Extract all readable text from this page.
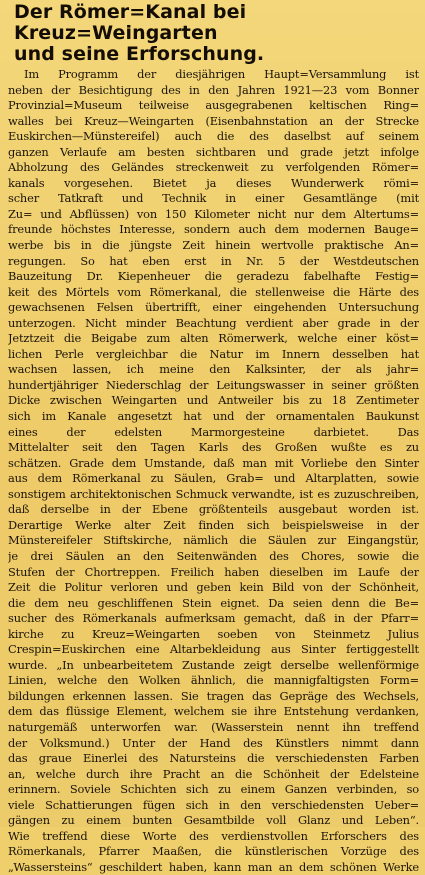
Der Römer=Kanal bei Kreuz=Weingarten
und seine Erforschung.
Im Programm der diesjährigen Haupt=Versammlung ist
neben der Besichtigung des in den Jahren 1921—23 vom Bonner
Provinzial=Museum teilweise ausgegrabenen keltischen Ring=
walles bei Kreuz—Weingarten (Eisenbahnstation an der Strecke
Euskirchen—Münstereifel) auch die des daselbst auf seinem
ganzen Verlaufe am besten sichtbaren und grade jetzt infolge
Abholzung des Geländes streckenweit zu verfolgenden Römer=
kanals vorgesehen. Bietet ja dieses Wunderwerk römi=
scher Tatkraft und Technik in einer Gesamtlänge (mit
Zu= und Abflüssen) von 150 Kilometer nicht nur dem Altertums=
freunde höchstes Interesse, sondern auch dem modernen Bauge=
werbe bis in die jüngste Zeit hinein wertvolle praktische An=
regungen. So hat eben erst in Nr. 5 der Westdeutschen
Bauzeitung Dr. Kiepenheuer die geradezu fabelhafte Festig=
keit des Mörtels vom Römerkanal, die stellenweise die Härte des
gewachsenen Felsen übertrifft, einer eingehenden Untersuchung
unterzogen. Nicht minder Beachtung verdient aber grade in der
Jetztzeit die Beigabe zum alten Römerwerk, welche einer köst=
lichen Perle vergleichbar die Natur im Innern desselben hat
wachsen lassen, ich meine den Kalksinter, der als jahr=
hundertjähriger Niederschlag der Leitungswasser in seiner größten
Dicke zwischen Weingarten und Antweiler bis zu 18 Zentimeter
sich im Kanale angesetzt hat und der ornamentalen Baukunst
eines der edelsten Marmorgesteine darbietet. Das
Mittelalter seit den Tagen Karls des Großen wußte es zu
schätzen. Grade dem Umstande, daß man mit Vorliebe den Sinter
aus dem Römerkanal zu Säulen, Grab= und Altarplatten, sowie
sonstigem architektonischen Schmuck verwandte, ist es zuzuschreiben,
daß derselbe in der Ebene größtenteils ausgebaut worden ist.
Derartige Werke alter Zeit finden sich beispielsweise in der
Münstereifeler Stiftskirche, nämlich die Säulen zur Eingangstür,
je drei Säulen an den Seitenwänden des Chores, sowie die
Stufen der Chortreppen. Freilich haben dieselben im Laufe der
Zeit die Politur verloren und geben kein Bild von der Schönheit,
die dem neu geschliffenen Stein eignet. Da seien denn die Be=
sucher des Römerkanals aufmerksam gemacht, daß in der Pfarr=
kirche zu Kreuz=Weingarten soeben von Steinmetz Julius
Crespin=Euskirchen eine Altarbekleidung aus Sinter fertiggestellt
wurde. „In unbearbeitetem Zustande zeigt derselbe wellenförmige
Linien, welche den Wolken ähnlich, die mannigfaltigsten Form=
bildungen erkennen lassen. Sie tragen das Gepräge des Wechsels,
dem das flüssige Element, welchem sie ihre Entstehung verdanken,
naturgemäß unterworfen war. (Wasserstein nennt ihn treffend
der Volksmund.) Unter der Hand des Künstlers nimmt dann
das graue Einerlei des Natursteins die verschiedensten Farben
an, welche durch ihre Pracht an die Schönheit der Edelsteine
erinnern. Soviele Schichten sich zu einem Ganzen verbinden, so
viele Schattierungen fügen sich in den verschiedensten Ueber=
gängen zu einem bunten Gesamtbilde voll Glanz und Leben“.
Wie treffend diese Worte des verdienstvollen Erforschers des
Römerkanals, Pfarrer Maaßen, die künstlerischen Vorzüge des
„Wassersteins“ geschildert haben, kann man an dem schönen Werke
